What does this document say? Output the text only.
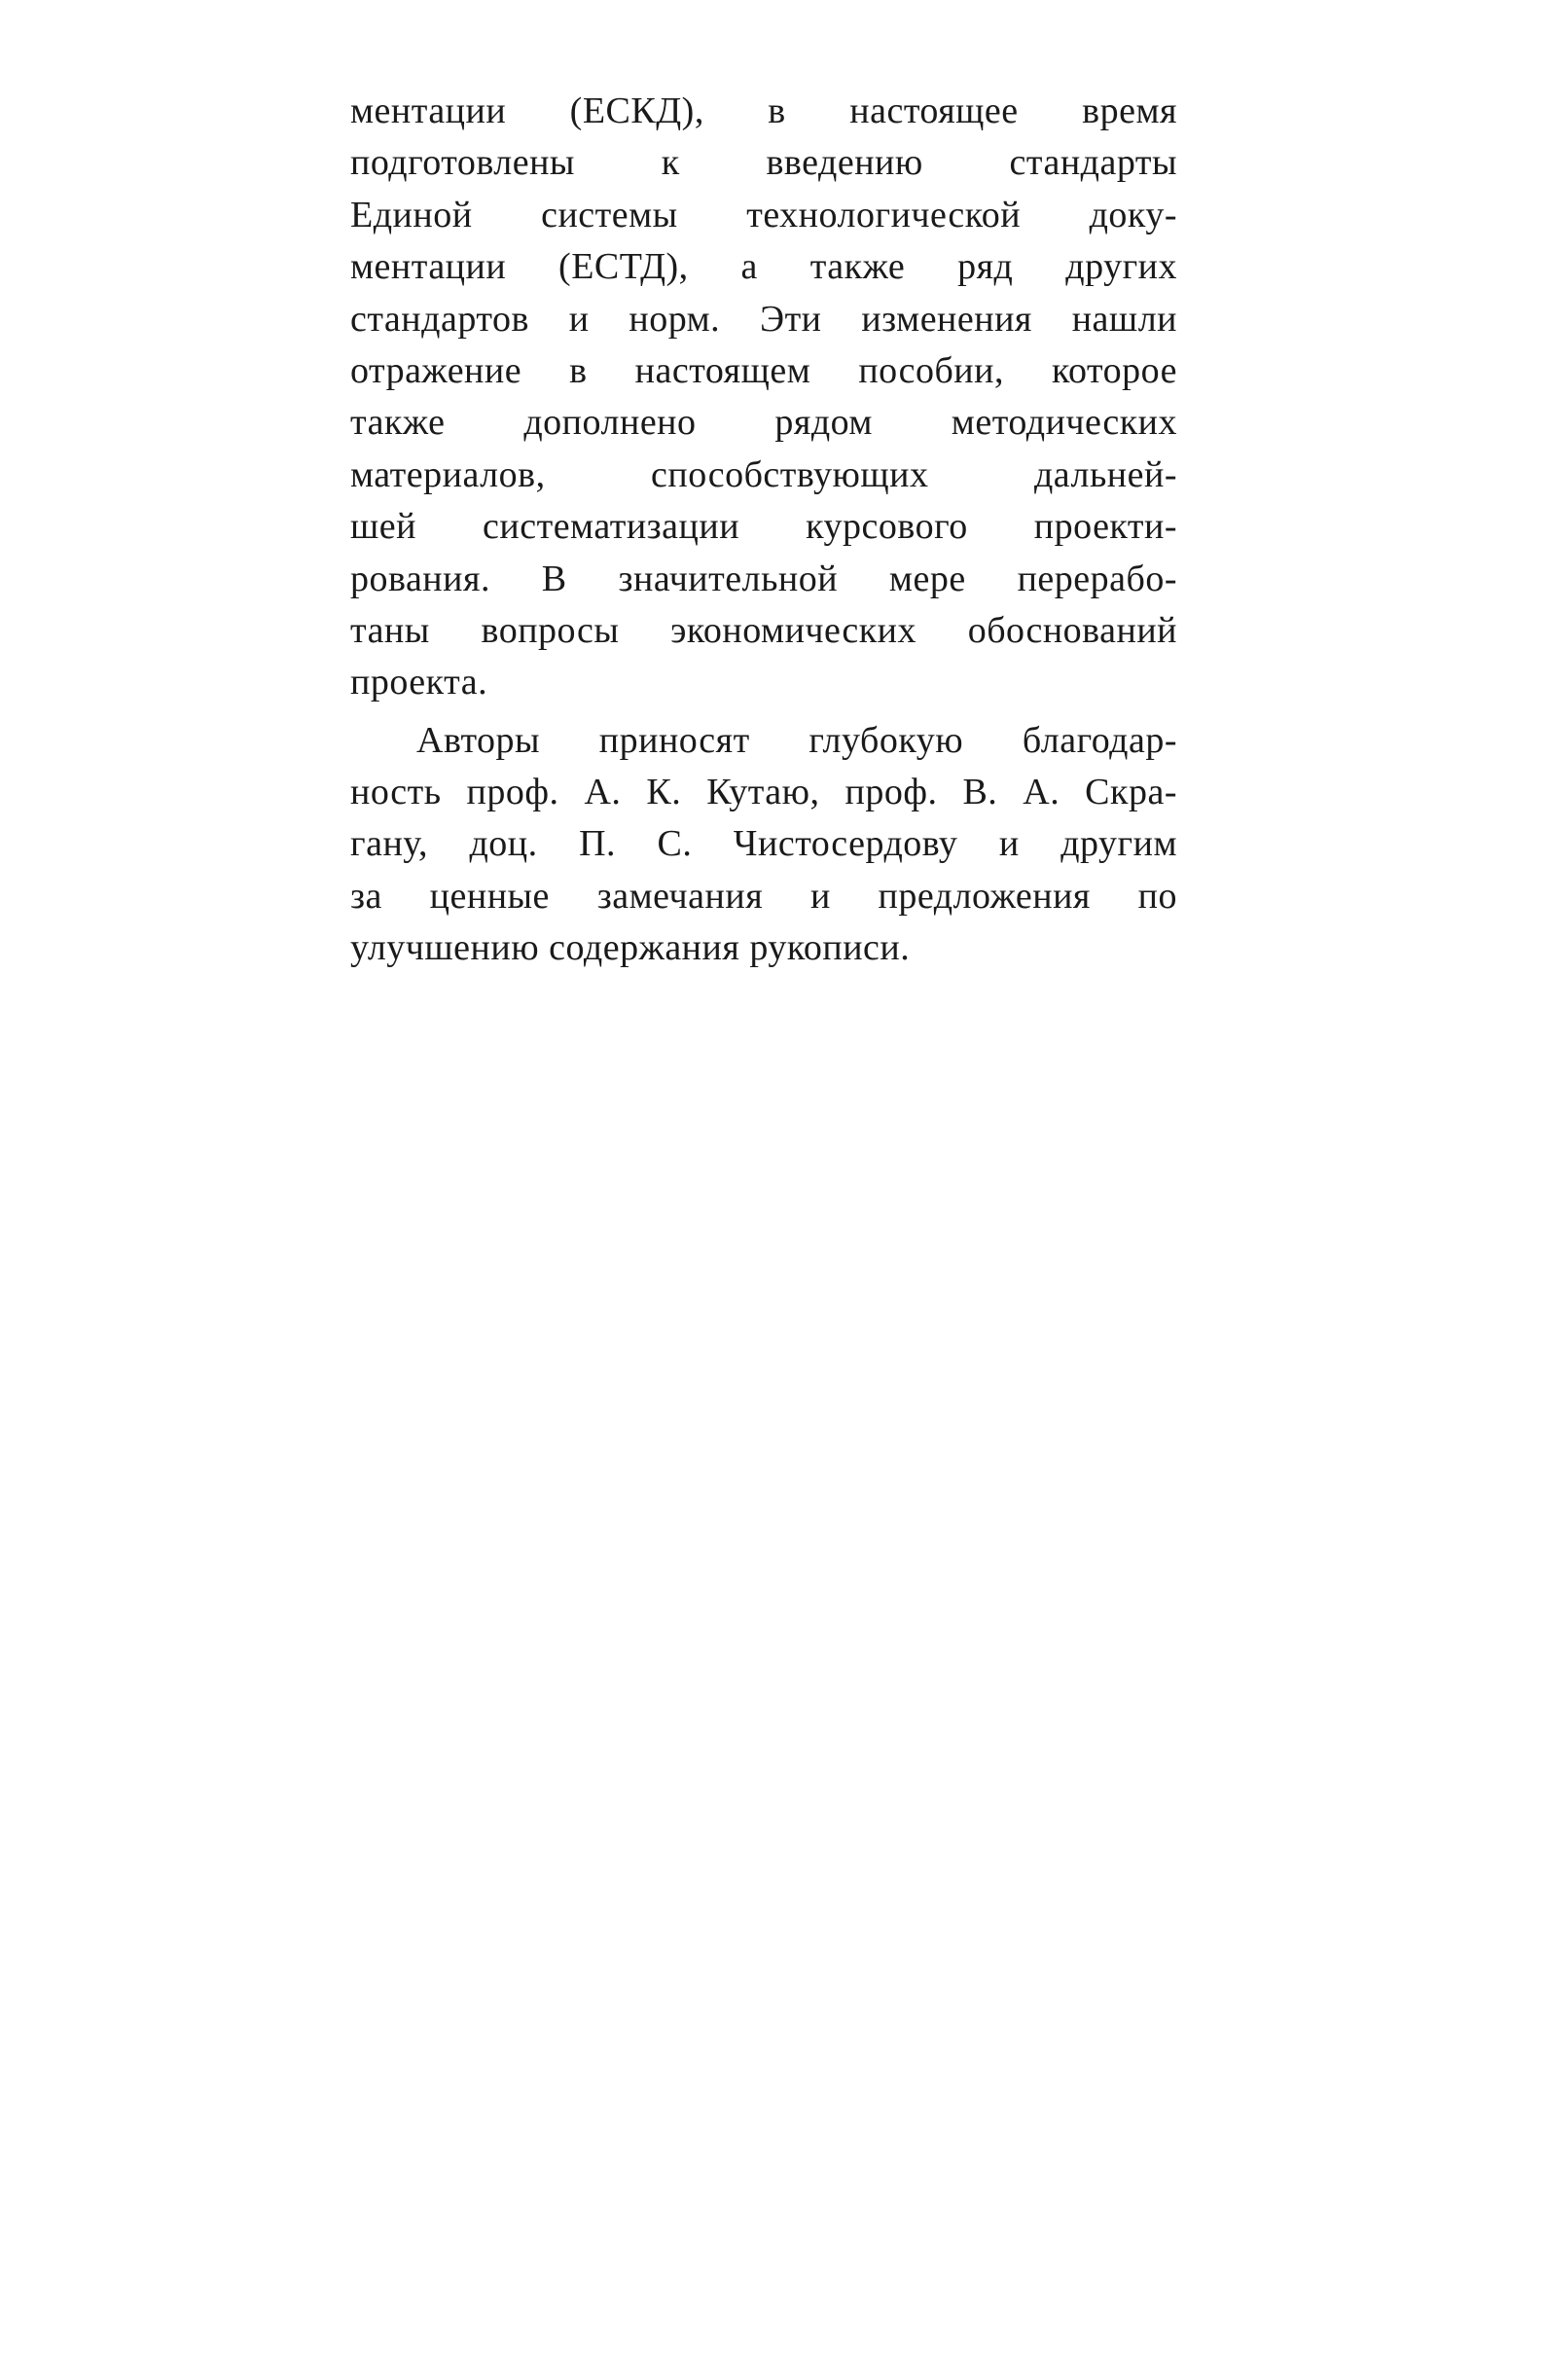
ментации (ЕСКД), в настоящее время
подготовлены к введению стандарты
Единой системы технологической доку-
ментации (ЕСТД), а также ряд других
стандартов и норм. Эти изменения нашли
отражение в настоящем пособии, которое
также дополнено рядом методических
материалов, способствующих дальней-
шей систематизации курсового проекти-
рования. В значительной мере перерабо-
таны вопросы экономических обоснований
проекта.
Авторы приносят глубокую благодар-
ность проф. А. К. Кутаю, проф. В. А. Скра-
гану, доц. П. С. Чистосердову и другим
за ценные замечания и предложения по
улучшению содержания рукописи.
